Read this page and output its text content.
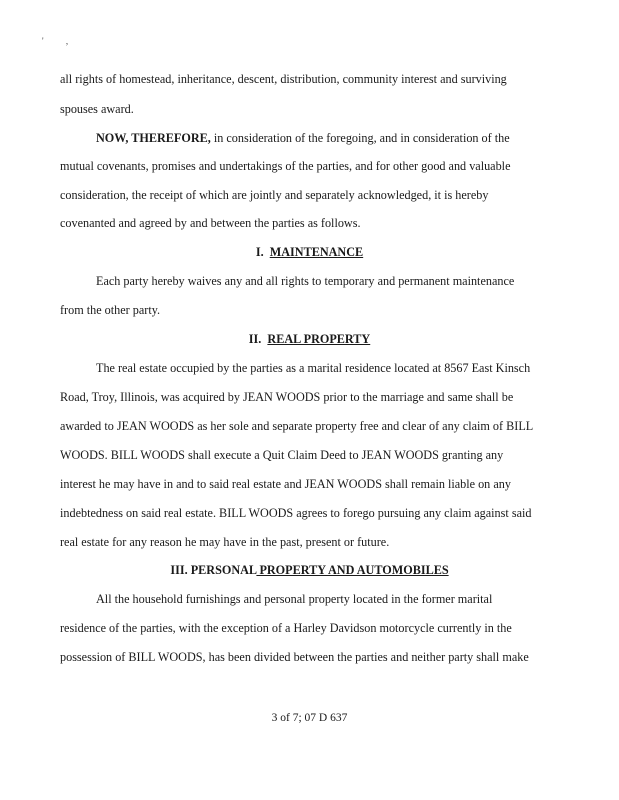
' ,
all rights of homestead, inheritance, descent, distribution, community interest and surviving
spouses award.
NOW, THEREFORE, in consideration of the foregoing, and in consideration of the
mutual covenants, promises and undertakings of the parties, and for other good and valuable
consideration, the receipt of which are jointly and separately acknowledged, it is hereby
covenanted and agreed by and between the parties as follows.
I. MAINTENANCE
Each party hereby waives any and all rights to temporary and permanent maintenance
from the other party.
II. REAL PROPERTY
The real estate occupied by the parties as a marital residence located at 8567 East Kinsch
Road, Troy, Illinois, was acquired by JEAN WOODS prior to the marriage and same shall be
awarded to JEAN WOODS as her sole and separate property free and clear of any claim of BILL
WOODS. BILL WOODS shall execute a Quit Claim Deed to JEAN WOODS granting any
interest he may have in and to said real estate and JEAN WOODS shall remain liable on any
indebtedness on said real estate. BILL WOODS agrees to forego pursuing any claim against said
real estate for any reason he may have in the past, present or future.
III. PERSONAL PROPERTY AND AUTOMOBILES
All the household furnishings and personal property located in the former marital
residence of the parties, with the exception of a Harley Davidson motorcycle currently in the
possession of BILL WOODS, has been divided between the parties and neither party shall make
3 of 7; 07 D 637
